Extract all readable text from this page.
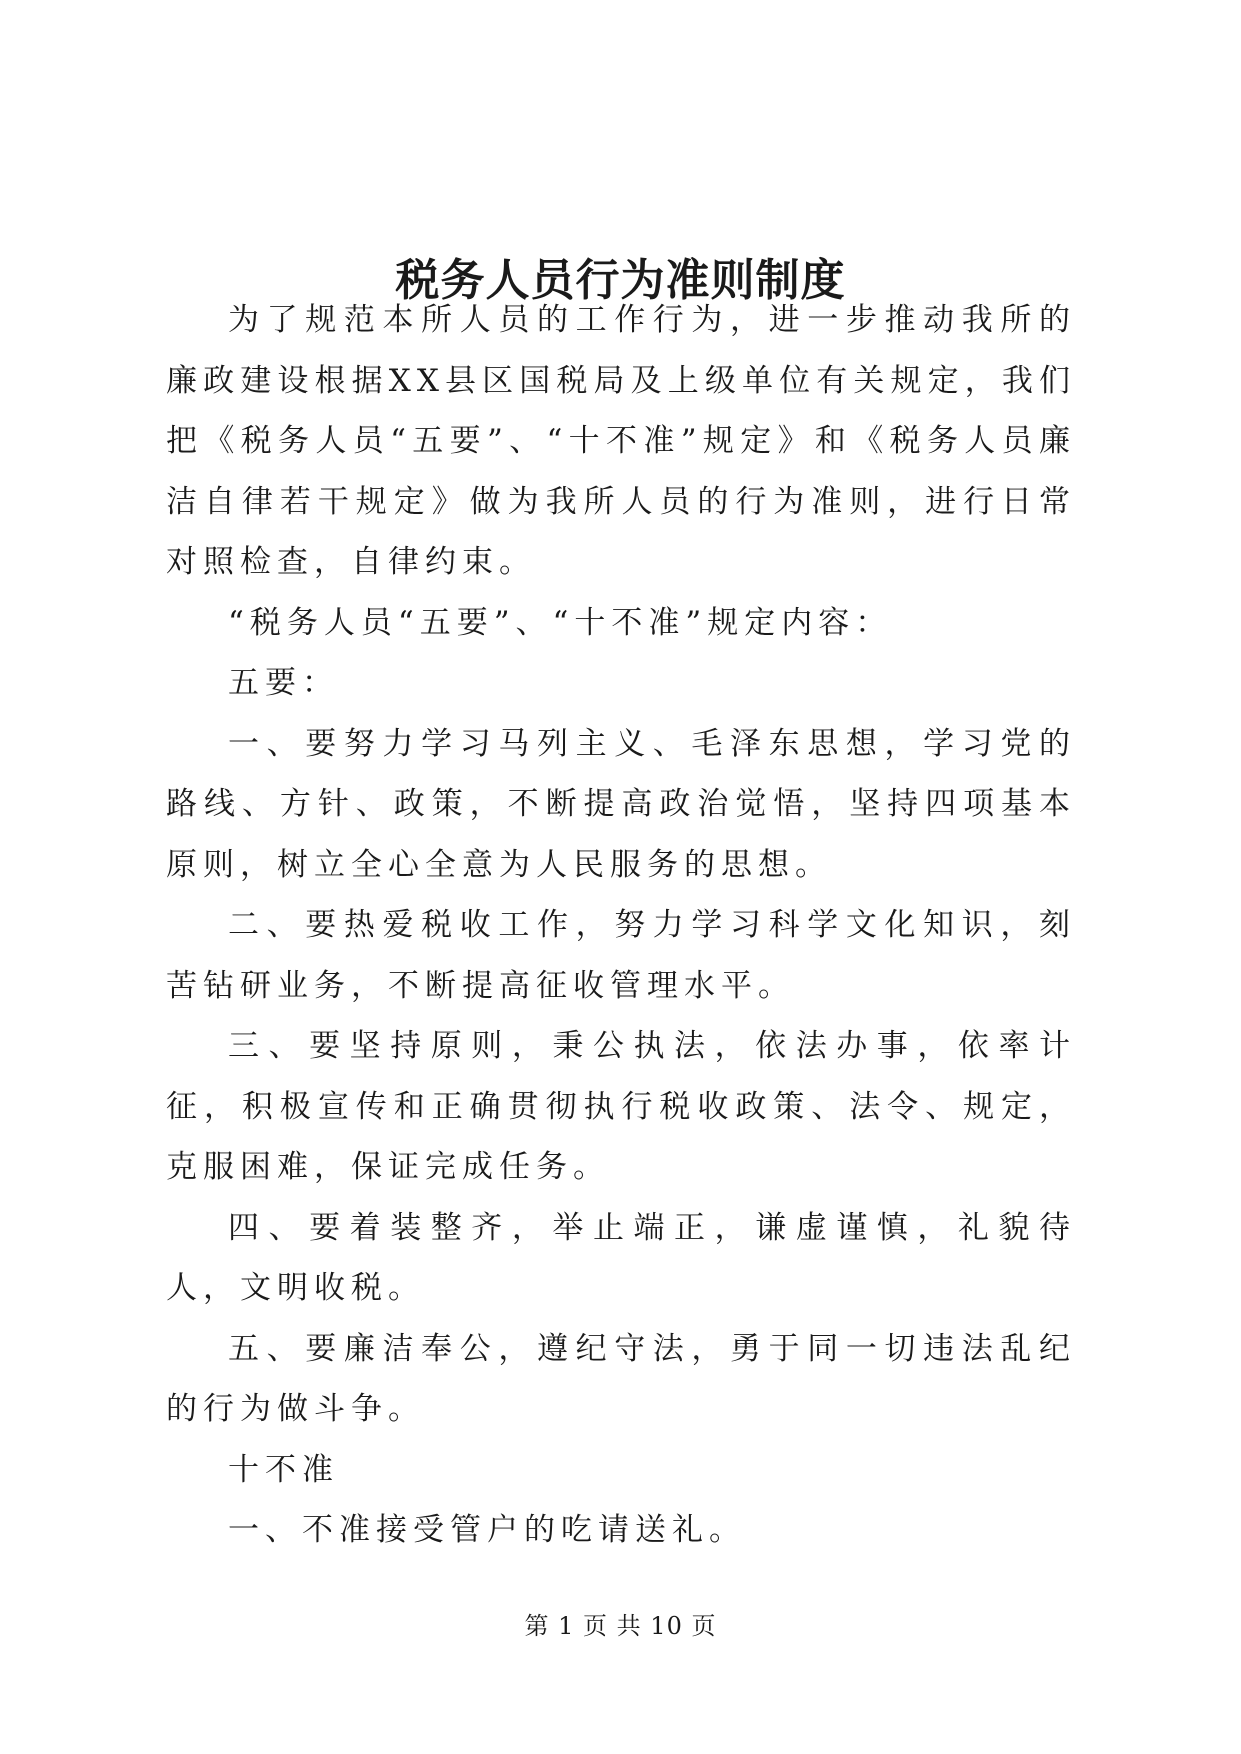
税务人员行为准则制度

为了规范本所人员的工作行为，进一步推动我所的廉政建设根据XX县区国税局及上级单位有关规定，我们把《税务人员“五要”、“十不准”规定》和《税务人员廉洁自律若干规定》做为我所人员的行为准则，进行日常对照检查，自律约束。

“税务人员“五要”、“十不准”规定内容：

五要：

一、要努力学习马列主义、毛泽东思想，学习党的路线、方针、政策，不断提高政治觉悟，坚持四项基本原则，树立全心全意为人民服务的思想。

二、要热爱税收工作，努力学习科学文化知识，刻苦钻研业务，不断提高征收管理水平。

三、要坚持原则，秉公执法，依法办事，依率计征，积极宣传和正确贯彻执行税收政策、法令、规定，克服困难，保证完成任务。

四、要着装整齐，举止端正，谦虚谨慎，礼貌待人，文明收税。

五、要廉洁奉公，遵纪守法，勇于同一切违法乱纪的行为做斗争。

十不准

一、不准接受管户的吃请送礼。

第 1 页 共 10 页
